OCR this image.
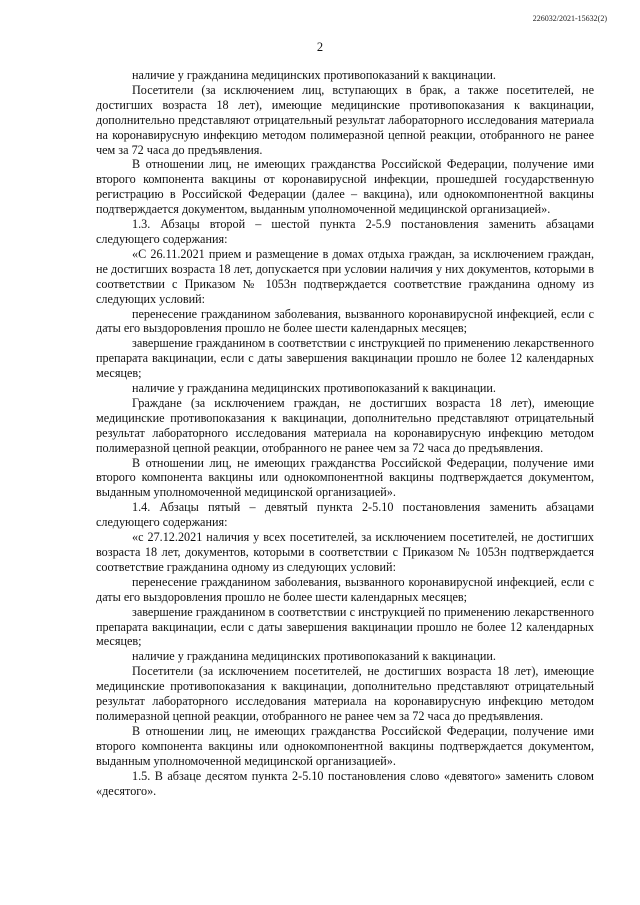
226032/2021-15632(2)
2

наличие у гражданина медицинских противопоказаний к вакцинации.

Посетители (за исключением лиц, вступающих в брак, а также посетителей, не достигших возраста 18 лет), имеющие медицинские противопоказания к вакцинации, дополнительно представляют отрицательный результат лабораторного исследования материала на коронавирусную инфекцию методом полимеразной цепной реакции, отобранного не ранее чем за 72 часа до предъявления.

В отношении лиц, не имеющих гражданства Российской Федерации, получение ими второго компонента вакцины от коронавирусной инфекции, прошедшей государственную регистрацию в Российской Федерации (далее – вакцина), или однокомпонентной вакцины подтверждается документом, выданным уполномоченной медицинской организацией».

1.3. Абзацы второй – шестой пункта 2-5.9 постановления заменить абзацами следующего содержания:

«С 26.11.2021 прием и размещение в домах отдыха граждан, за исключением граждан, не достигших возраста 18 лет, допускается при условии наличия у них документов, которыми в соответствии с Приказом № 1053н подтверждается соответствие гражданина одному из следующих условий:

перенесение гражданином заболевания, вызванного коронавирусной инфекцией, если с даты его выздоровления прошло не более шести календарных месяцев;

завершение гражданином в соответствии с инструкцией по применению лекарственного препарата вакцинации, если с даты завершения вакцинации прошло не более 12 календарных месяцев;

наличие у гражданина медицинских противопоказаний к вакцинации.

Граждане (за исключением граждан, не достигших возраста 18 лет), имеющие медицинские противопоказания к вакцинации, дополнительно представляют отрицательный результат лабораторного исследования материала на коронавирусную инфекцию методом полимеразной цепной реакции, отобранного не ранее чем за 72 часа до предъявления.

В отношении лиц, не имеющих гражданства Российской Федерации, получение ими второго компонента вакцины или однокомпонентной вакцины подтверждается документом, выданным уполномоченной медицинской организацией».

1.4. Абзацы пятый – девятый пункта 2-5.10 постановления заменить абзацами следующего содержания:

«с 27.12.2021 наличия у всех посетителей, за исключением посетителей, не достигших возраста 18 лет, документов, которыми в соответствии с Приказом № 1053н подтверждается соответствие гражданина одному из следующих условий:

перенесение гражданином заболевания, вызванного коронавирусной инфекцией, если с даты его выздоровления прошло не более шести календарных месяцев;

завершение гражданином в соответствии с инструкцией по применению лекарственного препарата вакцинации, если с даты завершения вакцинации прошло не более 12 календарных месяцев;

наличие у гражданина медицинских противопоказаний к вакцинации.

Посетители (за исключением посетителей, не достигших возраста 18 лет), имеющие медицинские противопоказания к вакцинации, дополнительно представляют отрицательный результат лабораторного исследования материала на коронавирусную инфекцию методом полимеразной цепной реакции, отобранного не ранее чем за 72 часа до предъявления.

В отношении лиц, не имеющих гражданства Российской Федерации, получение ими второго компонента вакцины или однокомпонентной вакцины подтверждается документом, выданным уполномоченной медицинской организацией».

1.5. В абзаце десятом пункта 2-5.10 постановления слово «девятого» заменить словом «десятого».
